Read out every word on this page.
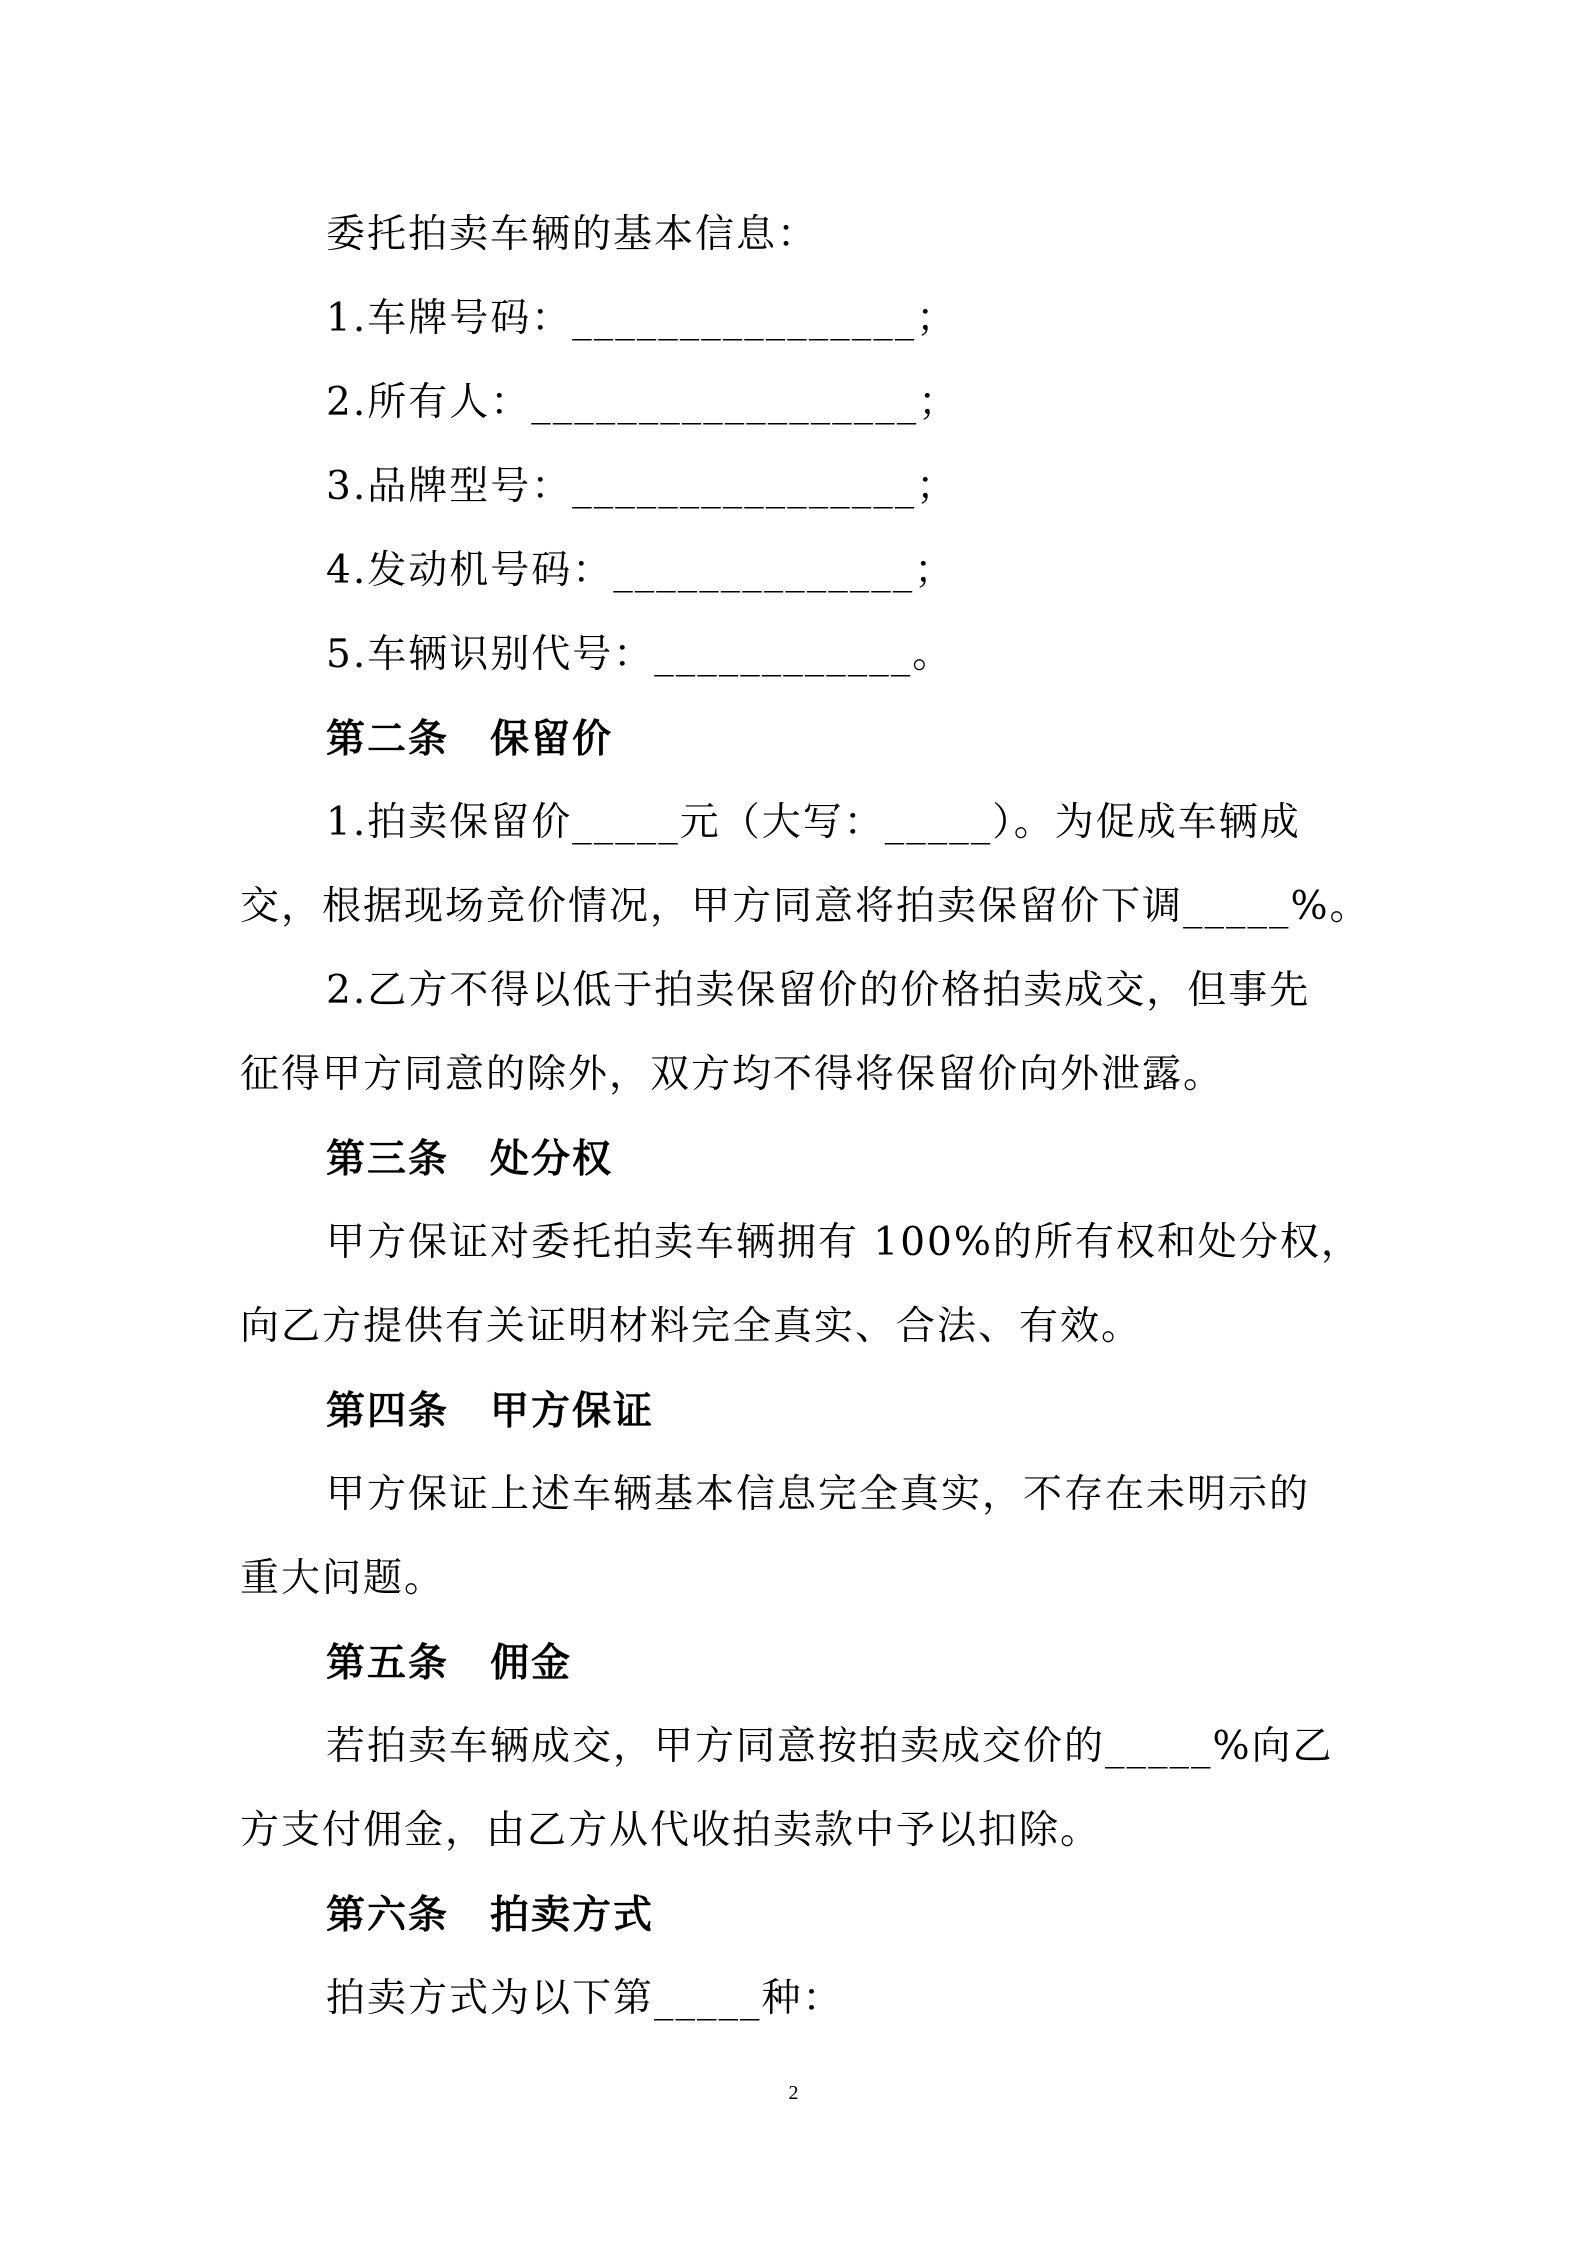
委托拍卖车辆的基本信息：
1.车牌号码：________________；
2.所有人：__________________；
3.品牌型号：________________；
4.发动机号码：______________；
5.车辆识别代号：____________。
第二条　保留价
1.拍卖保留价_____元（大写：_____）。为促成车辆成
交，根据现场竞价情况，甲方同意将拍卖保留价下调_____%。
2.乙方不得以低于拍卖保留价的价格拍卖成交，但事先
征得甲方同意的除外，双方均不得将保留价向外泄露。
第三条　处分权
甲方保证对委托拍卖车辆拥有 100%的所有权和处分权，
向乙方提供有关证明材料完全真实、合法、有效。
第四条　甲方保证
甲方保证上述车辆基本信息完全真实，不存在未明示的
重大问题。
第五条　佣金
若拍卖车辆成交，甲方同意按拍卖成交价的_____%向乙
方支付佣金，由乙方从代收拍卖款中予以扣除。
第六条　拍卖方式
拍卖方式为以下第_____种：
2
